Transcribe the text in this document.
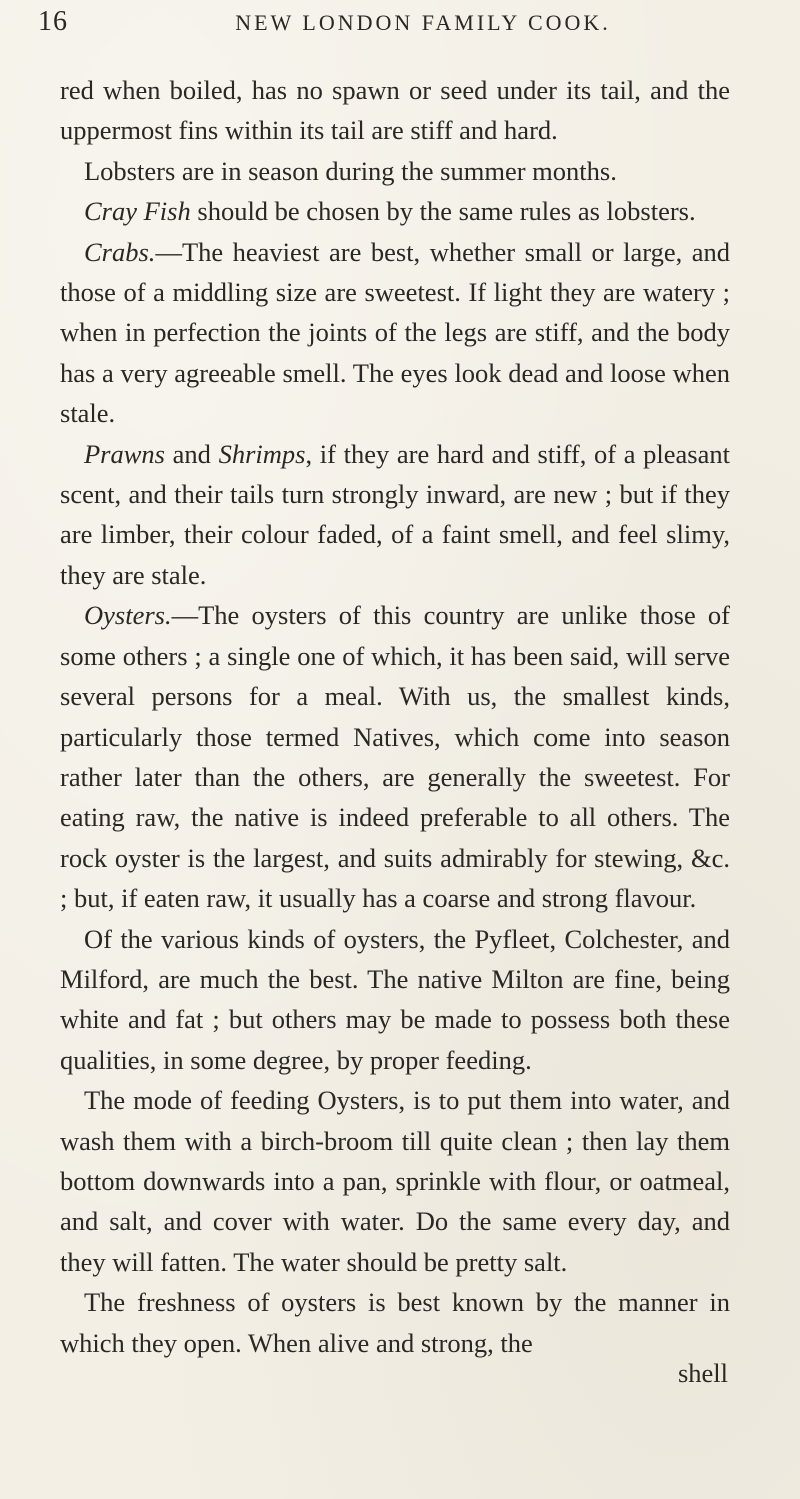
16	NEW LONDON FAMILY COOK.

red when boiled, has no spawn or seed under its tail, and the uppermost fins within its tail are stiff and hard.

Lobsters are in season during the summer months.

Cray Fish should be chosen by the same rules as lobsters.

Crabs.—The heaviest are best, whether small or large, and those of a middling size are sweetest. If light they are watery ; when in perfection the joints of the legs are stiff, and the body has a very agreeable smell. The eyes look dead and loose when stale.

Prawns and Shrimps, if they are hard and stiff, of a pleasant scent, and their tails turn strongly inward, are new ; but if they are limber, their colour faded, of a faint smell, and feel slimy, they are stale.

Oysters.—The oysters of this country are unlike those of some others ; a single one of which, it has been said, will serve several persons for a meal. With us, the smallest kinds, particularly those termed Natives, which come into season rather later than the others, are generally the sweetest. For eating raw, the native is indeed preferable to all others. The rock oyster is the largest, and suits admirably for stewing, &c. ; but, if eaten raw, it usually has a coarse and strong flavour.

Of the various kinds of oysters, the Pyfleet, Colchester, and Milford, are much the best. The native Milton are fine, being white and fat ; but others may be made to possess both these qualities, in some degree, by proper feeding.

The mode of feeding Oysters, is to put them into water, and wash them with a birch-broom till quite clean ; then lay them bottom downwards into a pan, sprinkle with flour, or oatmeal, and salt, and cover with water. Do the same every day, and they will fatten. The water should be pretty salt.

The freshness of oysters is best known by the manner in which they open. When alive and strong, the

shell
